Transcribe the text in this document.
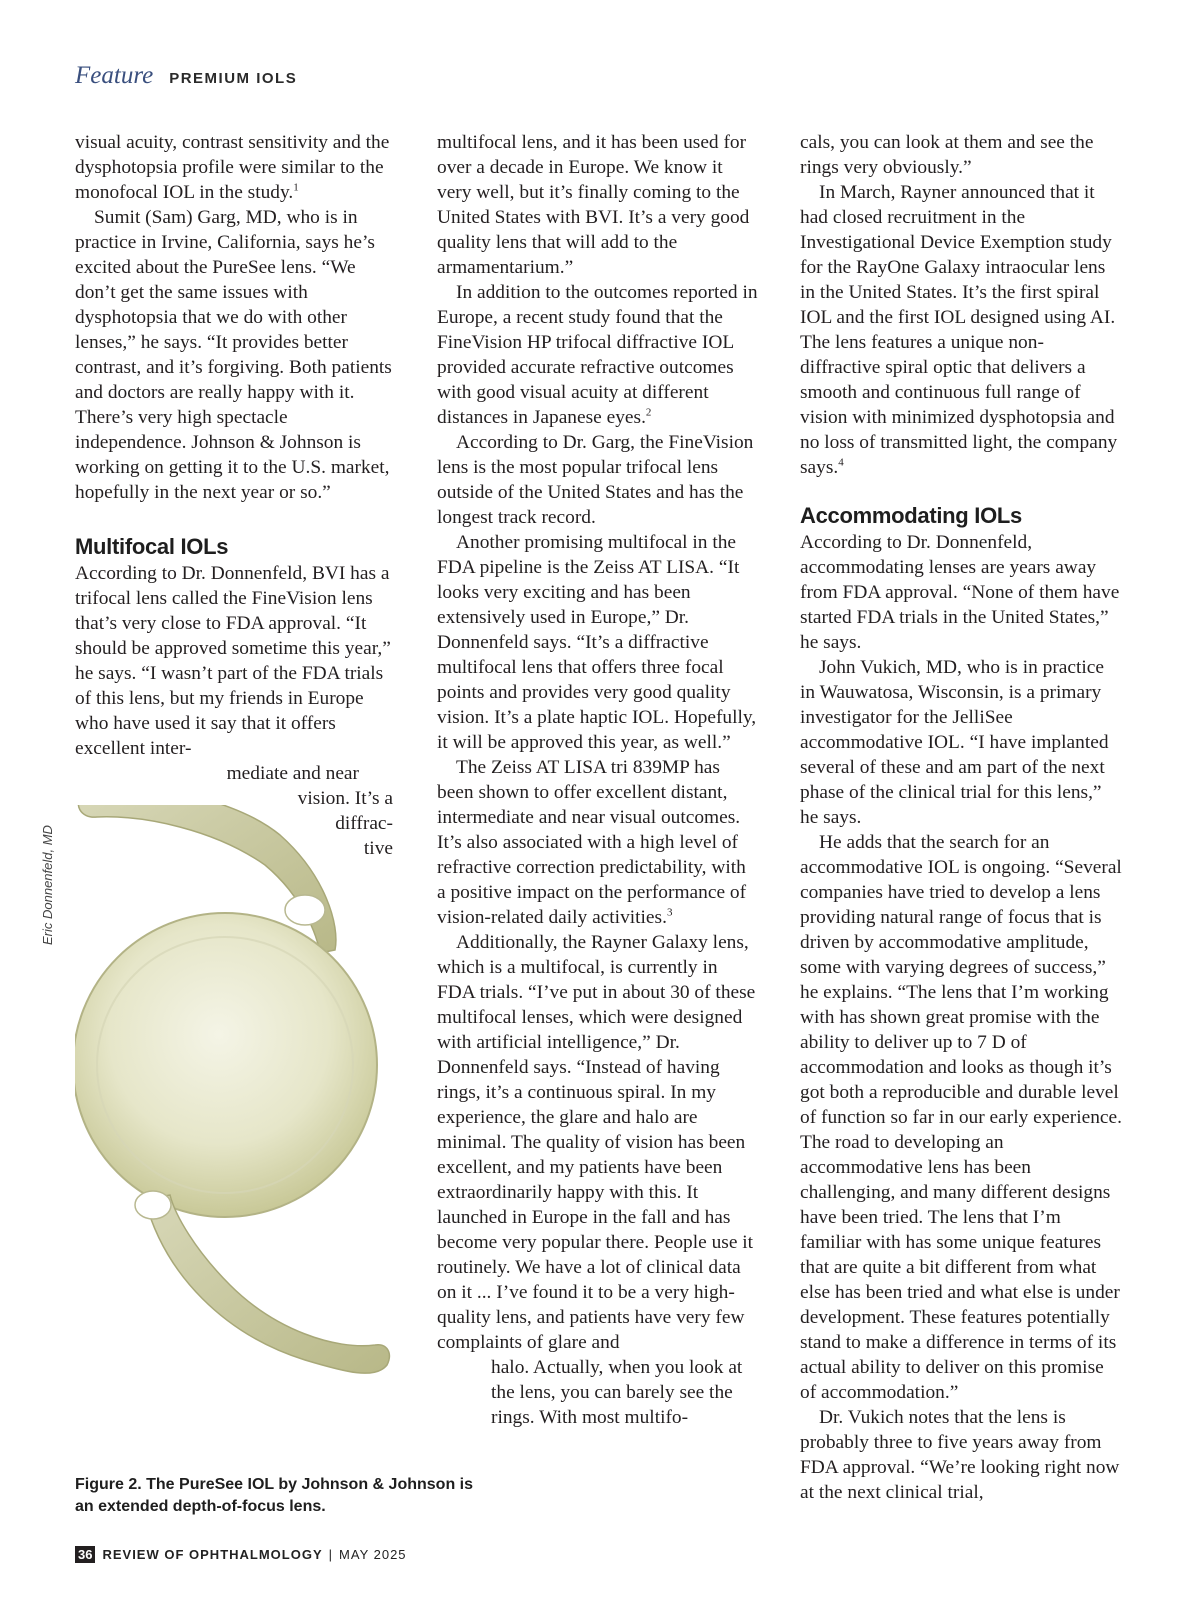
Feature PREMIUM IOLS

visual acuity, contrast sensitivity and the dysphotopsia profile were similar to the monofocal IOL in the study.$^1$

Sumit (Sam) Garg, MD, who is in practice in Irvine, California, says he’s excited about the PureSee lens. “We don’t get the same issues with dysphotopsia that we do with other lenses,” he says. “It provides better contrast, and it’s forgiving. Both patients and doctors are really happy with it. There’s very high spectacle independence. Johnson & Johnson is working on getting it to the U.S. market, hopefully in the next year or so.”

Multifocal IOLs

According to Dr. Donnenfeld, BVI has a trifocal lens called the FineVision lens that’s very close to FDA approval. “It should be approved sometime this year,” he says. “I wasn’t part of the FDA trials of this lens, but my friends in Europe who have used it say that it offers excellent inter-

mediate and near
vision. It’s a
diffrac-
tive
Eric Donnenfeld, MD
Figure 2. The PureSee IOL by Johnson & Johnson is an extended depth-of-focus lens.

multifocal lens, and it has been used for over a decade in Europe. We know it very well, but it’s finally coming to the United States with BVI. It’s a very good quality lens that will add to the armamentarium.”

In addition to the outcomes reported in Europe, a recent study found that the FineVision HP trifocal diffractive IOL provided accurate refractive outcomes with good visual acuity at different distances in Japanese eyes.$^2$

According to Dr. Garg, the FineVision lens is the most popular trifocal lens outside of the United States and has the longest track record.

Another promising multifocal in the FDA pipeline is the Zeiss AT LISA. “It looks very exciting and has been extensively used in Europe,” Dr. Donnenfeld says. “It’s a diffractive multifocal lens that offers three focal points and provides very good quality vision. It’s a plate haptic IOL. Hopefully, it will be approved this year, as well.”

The Zeiss AT LISA tri 839MP has been shown to offer excellent distant, intermediate and near visual outcomes. It’s also associated with a high level of refractive correction predictability, with a positive impact on the performance of vision-related daily activities.$^3$

Additionally, the Rayner Galaxy lens, which is a multifocal, is currently in FDA trials. “I’ve put in about 30 of these multifocal lenses, which were designed with artificial intelligence,” Dr. Donnenfeld says. “Instead of having rings, it’s a continuous spiral. In my experience, the glare and halo are minimal. The quality of vision has been excellent, and my patients have been extraordinarily happy with this. It launched in Europe in the fall and has become very popular there. People use it routinely. We have a lot of clinical data on it ... I’ve found it to be a very high-quality lens, and patients have very few complaints of glare and

halo. Actually, when you look at the lens, you can barely see the rings. With most multifo-

cals, you can look at them and see the rings very obviously.”

In March, Rayner announced that it had closed recruitment in the Investigational Device Exemption study for the RayOne Galaxy intraocular lens in the United States. It’s the first spiral IOL and the first IOL designed using AI. The lens features a unique non-diffractive spiral optic that delivers a smooth and continuous full range of vision with minimized dysphotopsia and no loss of transmitted light, the company says.$^4$

Accommodating IOLs

According to Dr. Donnenfeld, accommodating lenses are years away from FDA approval. “None of them have started FDA trials in the United States,” he says.

John Vukich, MD, who is in practice in Wauwatosa, Wisconsin, is a primary investigator for the JelliSee accommodative IOL. “I have implanted several of these and am part of the next phase of the clinical trial for this lens,” he says.

He adds that the search for an accommodative IOL is ongoing. “Several companies have tried to develop a lens providing natural range of focus that is driven by accommodative amplitude, some with varying degrees of success,” he explains. “The lens that I’m working with has shown great promise with the ability to deliver up to 7 D of accommodation and looks as though it’s got both a reproducible and durable level of function so far in our early experience. The road to developing an accommodative lens has been challenging, and many different designs have been tried. The lens that I’m familiar with has some unique features that are quite a bit different from what else has been tried and what else is under development. These features potentially stand to make a difference in terms of its actual ability to deliver on this promise of accommodation.”

Dr. Vukich notes that the lens is probably three to five years away from FDA approval. “We’re looking right now at the next clinical trial,

36 REVIEW OF OPHTHALMOLOGY | MAY 2025
